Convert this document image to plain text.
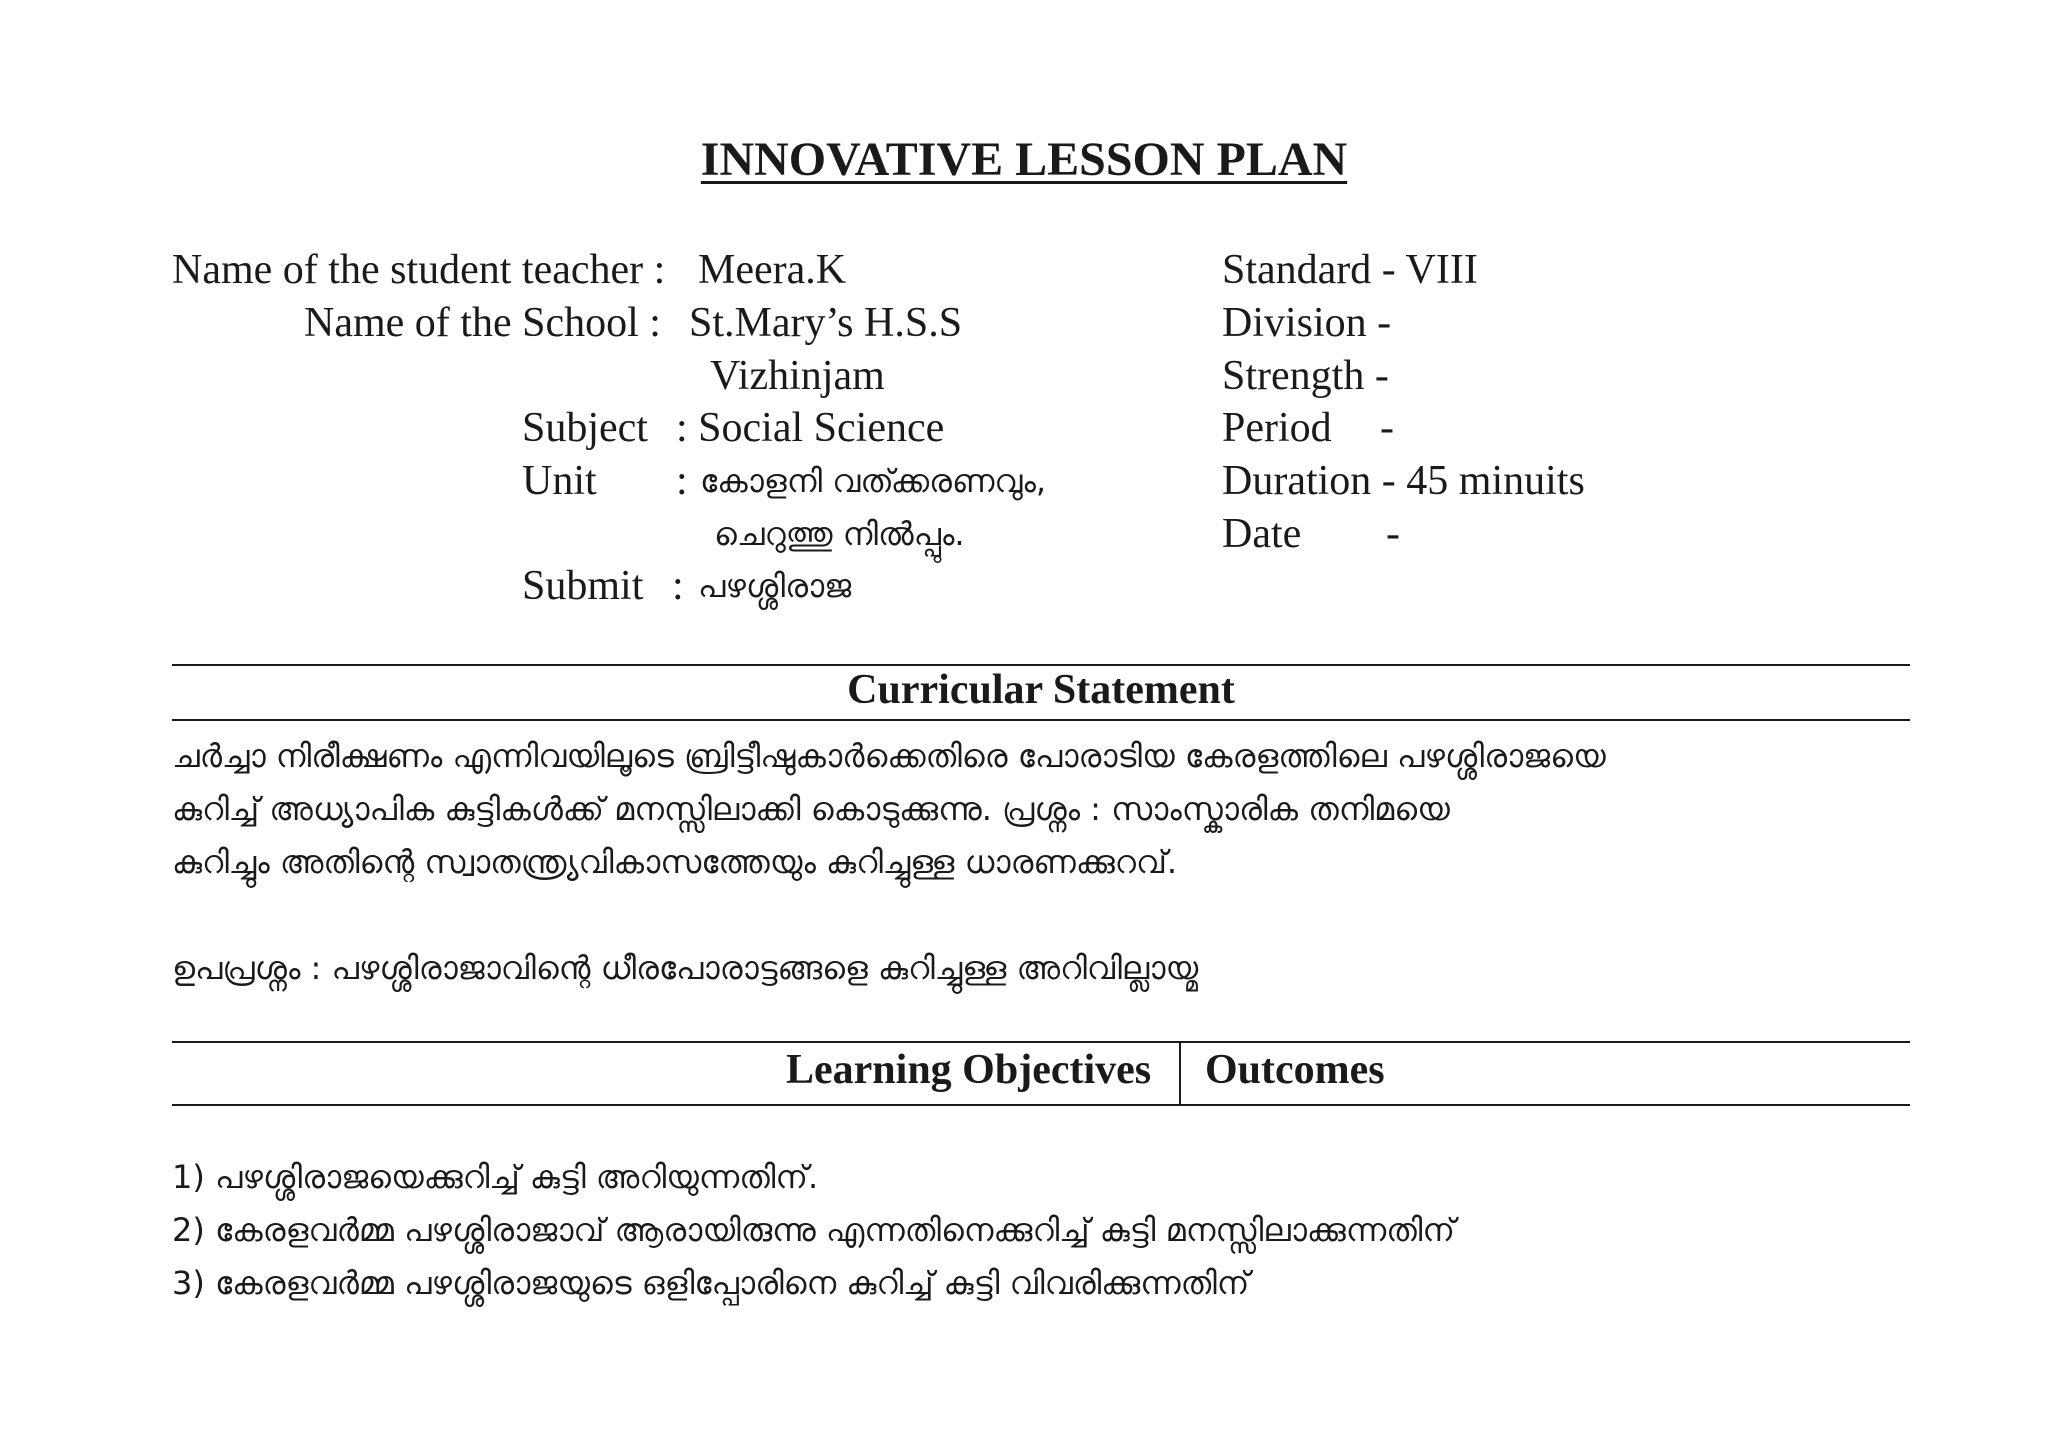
INNOVATIVE LESSON PLAN
Name of the student teacher : Meera.K
Name of the School : St.Mary’s H.S.S
Vizhinjam
Subject : Social Science
Unit : കോളനി വത്ക്കരണവും,
ചെറുത്തു നിൽപ്പും.
Submit : പഴശ്ശിരാജ
Standard - VIII
Division -
Strength -
Period -
Duration - 45 minuits
Date -
Curricular Statement
ചർച്ചാ നിരീക്ഷണം എന്നിവയിലൂടെ ബ്രിട്ടീഷുകാർക്കെതിരെ പോരാടിയ കേരളത്തിലെ പഴശ്ശിരാജയെ
കുറിച്ച് അധ്യാപിക കുട്ടികൾക്ക് മനസ്സിലാക്കി കൊടുക്കുന്നു. പ്രശ്നം : സാംസ്കാരിക തനിമയെ
കുറിച്ചും അതിന്റെ സ്വാതന്ത്ര്യവികാസത്തേയും കുറിച്ചുള്ള ധാരണക്കുറവ്.
ഉപപ്രശ്നം : പഴശ്ശിരാജാവിന്റെ ധീരപോരാട്ടങ്ങളെ കുറിച്ചുള്ള അറിവില്ലായ്മ
Learning Objectives Outcomes
1) പഴശ്ശിരാജയെക്കുറിച്ച് കുട്ടി അറിയുന്നതിന്.
2) കേരളവർമ്മ പഴശ്ശിരാജാവ് ആരായിരുന്നു എന്നതിനെക്കുറിച്ച് കുട്ടി മനസ്സിലാക്കുന്നതിന്
3) കേരളവർമ്മ പഴശ്ശിരാജയുടെ ഒളിപ്പോരിനെ കുറിച്ച് കുട്ടി വിവരിക്കുന്നതിന്
